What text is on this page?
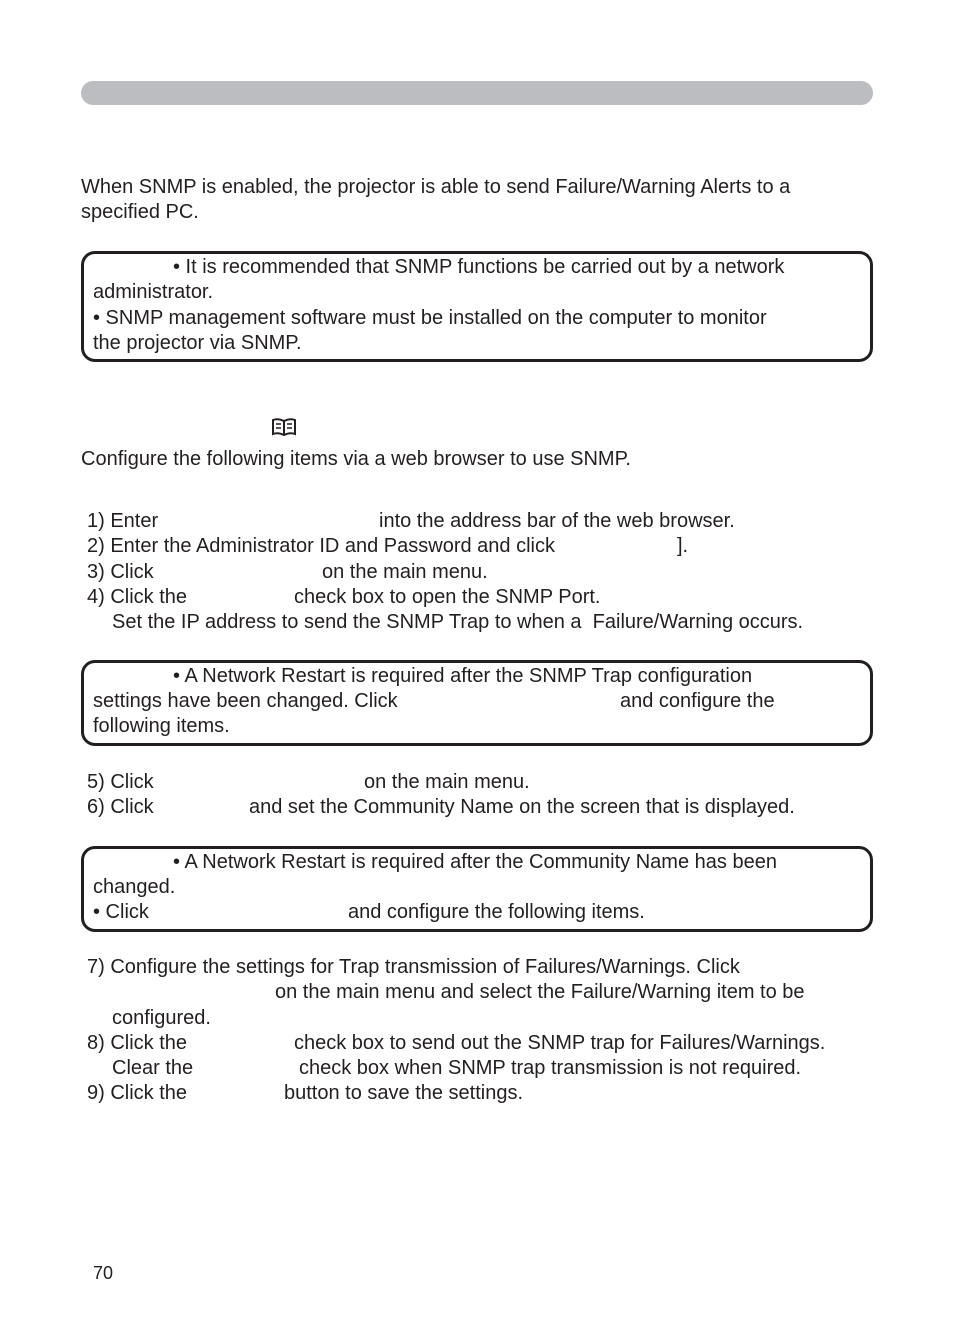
When SNMP is enabled, the projector is able to send Failure/Warning Alerts to a
specified PC.
• It is recommended that SNMP functions be carried out by a network
administrator.
• SNMP management software must be installed on the computer to monitor
the projector via SNMP.
Configure the following items via a web browser to use SNMP.
1) Enter	into the address bar of the web browser.
2) Enter the Administrator ID and Password and click	].
3) Click	on the main menu.
4) Click the	check box to open the SNMP Port.
Set the IP address to send the SNMP Trap to when a  Failure/Warning occurs.
• A Network Restart is required after the SNMP Trap configuration
settings have been changed. Click	and configure the
following items.
5) Click	on the main menu.
6) Click	and set the Community Name on the screen that is displayed.
• A Network Restart is required after the Community Name has been
changed.
• Click	and configure the following items.
7) Configure the settings for Trap transmission of Failures/Warnings. Click
on the main menu and select the Failure/Warning item to be
configured.
8) Click the	check box to send out the SNMP trap for Failures/Warnings.
Clear the	check box when SNMP trap transmission is not required.
9) Click the	button to save the settings.
70
